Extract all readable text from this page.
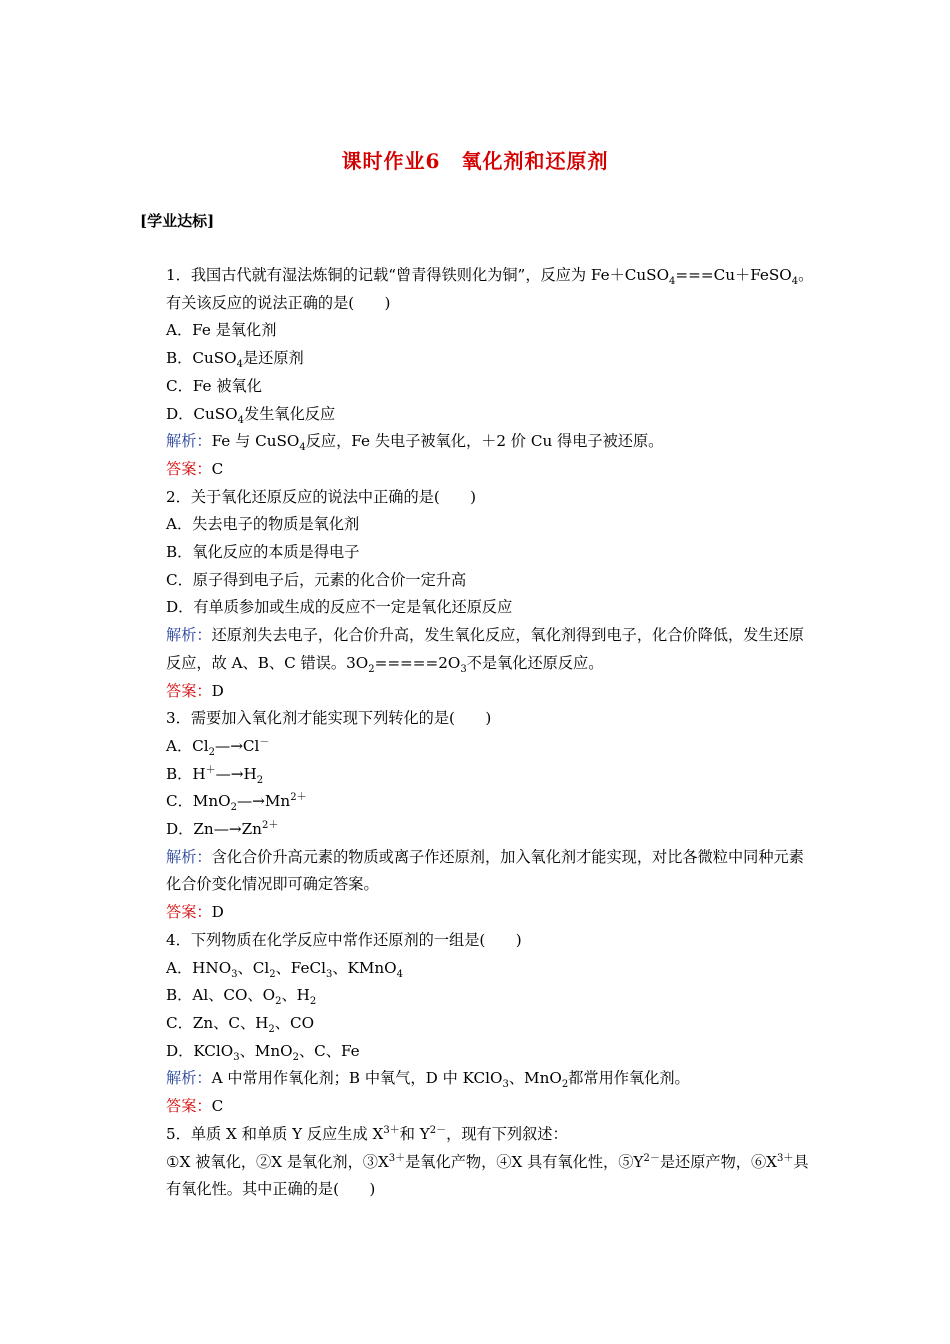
课时作业6　氧化剂和还原剂
[学业达标]
1．我国古代就有湿法炼铜的记载“曾青得铁则化为铜”，反应为 Fe＋CuSO$_4$===Cu＋FeSO$_4$。有关该反应的说法正确的是(　　)
A．Fe 是氧化剂
B．CuSO$_4$是还原剂
C．Fe 被氧化
D．CuSO$_4$发生氧化反应
解析：Fe 与 CuSO$_4$反应，Fe 失电子被氧化，＋2 价 Cu 得电子被还原。
答案：C
2．关于氧化还原反应的说法中正确的是(　　)
A．失去电子的物质是氧化剂
B．氧化反应的本质是得电子
C．原子得到电子后，元素的化合价一定升高
D．有单质参加或生成的反应不一定是氧化还原反应
解析：还原剂失去电子，化合价升高，发生氧化反应，氧化剂得到电子，化合价降低，发生还原反应，故 A、B、C 错误。$3O_2=====2O_3$不是氧化还原反应。
答案：D
3．需要加入氧化剂才能实现下列转化的是(　　)
A．$Cl_2—\to Cl^-$
B．$H^+—\to H_2$
C．$MnO_2—\to Mn^{2+}$
D．$Zn—\to Zn^{2+}$
解析：含化合价升高元素的物质或离子作还原剂，加入氧化剂才能实现，对比各微粒中同种元素化合价变化情况即可确定答案。
答案：D
4．下列物质在化学反应中常作还原剂的一组是(　　)
A．$HNO_3$、$Cl_2$、FeCl$_3$、KMnO$_4$
B．Al、CO、$O_2$、$H_2$
C．Zn、C、$H_2$、CO
D．KClO$_3$、MnO$_2$、C、Fe
解析：A 中常用作氧化剂；B 中氧气，D 中 KClO$_3$、MnO$_2$都常用作氧化剂。
答案：C
5．单质 X 和单质 Y 反应生成 $X^{3+}$和 $Y^{2-}$，现有下列叙述：
①X 被氧化，②X 是氧化剂，$③X^{3+}$是氧化产物，④X 具有氧化性，$⑤Y^{2-}$是还原产物，$⑥X^{3+}$具有氧化性。其中正确的是(　　)
